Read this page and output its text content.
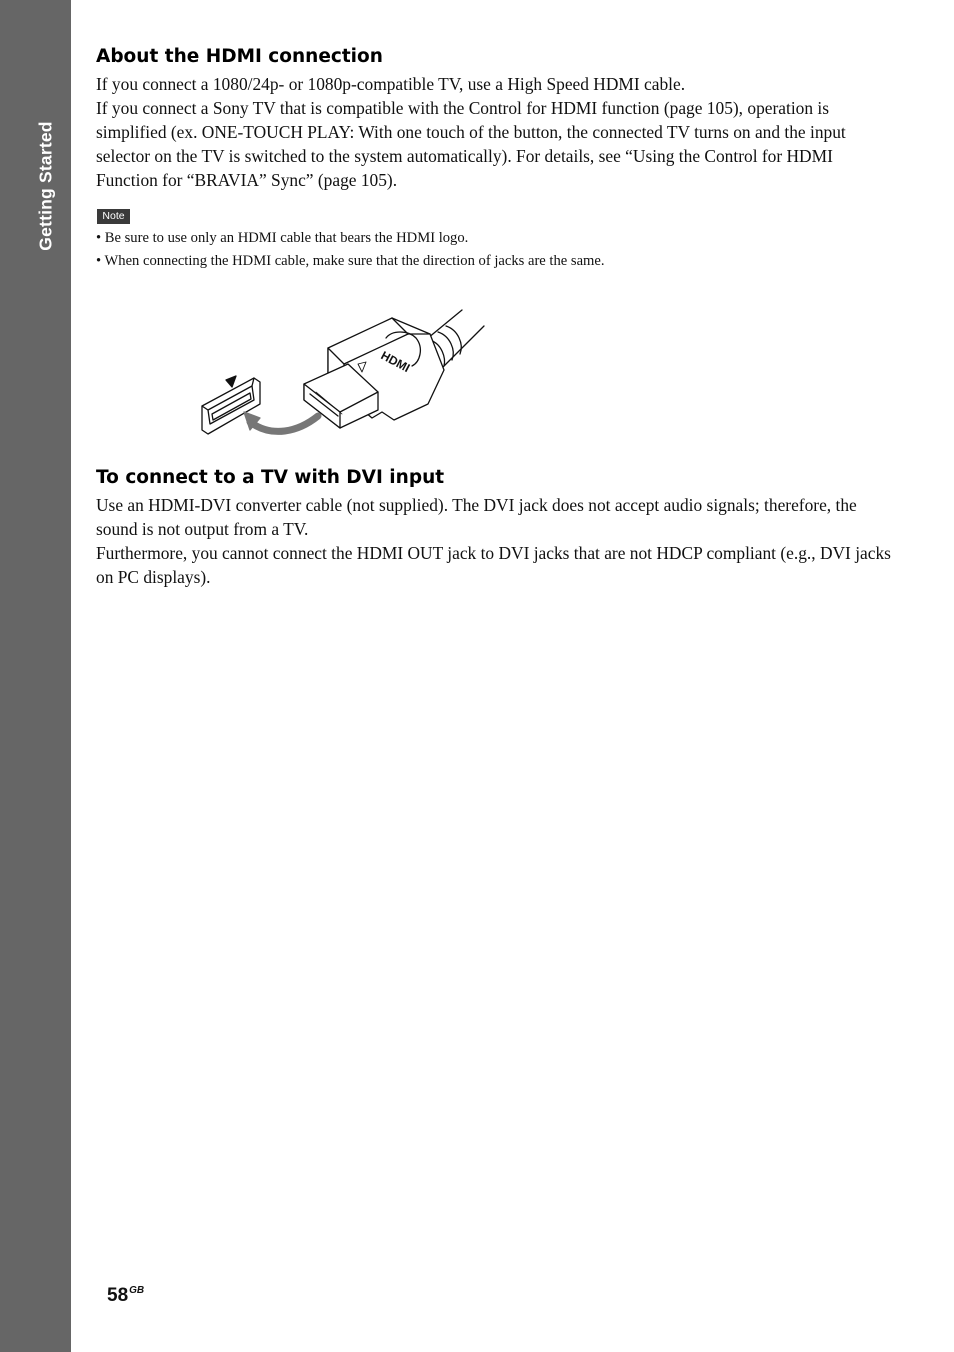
Getting Started
About the HDMI connection

If you connect a 1080/24p- or 1080p-compatible TV, use a High Speed HDMI cable.

If you connect a Sony TV that is compatible with the Control for HDMI function (page 105), operation is simplified (ex. ONE-TOUCH PLAY: With one touch of the button, the connected TV turns on and the input selector on the TV is switched to the system automatically). For details, see “Using the Control for HDMI Function for “BRAVIA” Sync” (page 105).

Note

• Be sure to use only an HDMI cable that bears the HDMI logo.

• When connecting the HDMI cable, make sure that the direction of jacks are the same.

To connect to a TV with DVI input

Use an HDMI-DVI converter cable (not supplied). The DVI jack does not accept audio signals; therefore, the sound is not output from a TV.

Furthermore, you cannot connect the HDMI OUT jack to DVI jacks that are not HDCP compliant (e.g., DVI jacks on PC displays).

HDMI
$58^{GB}$
